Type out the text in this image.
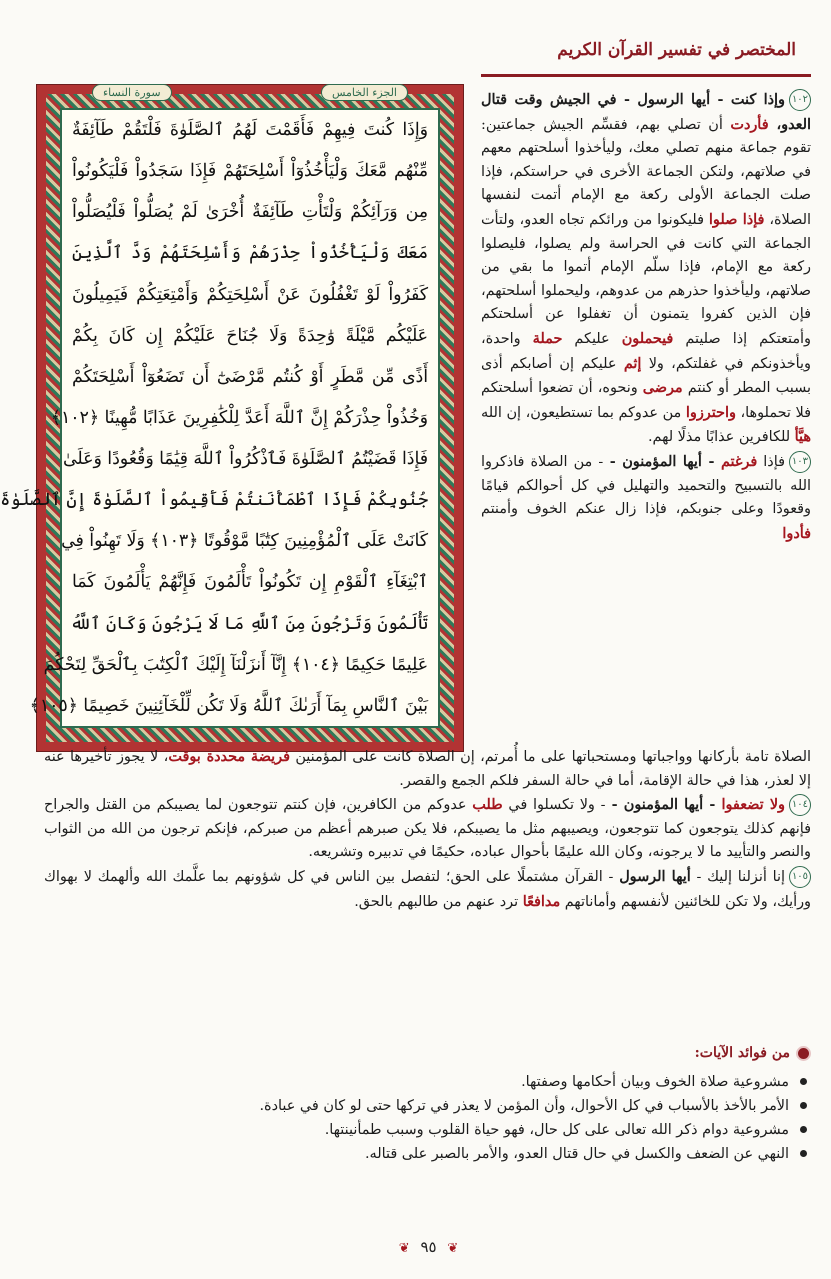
المختصر في تفسير القرآن الكريم
الجزء الخامس
سورة النساء
وَإِذَا كُنتَ فِيهِمْ فَأَقَمْتَ لَهُمُ ٱلصَّلَوٰةَ فَلْتَقُمْ طَآئِفَةٌ
مِّنْهُم مَّعَكَ وَلْيَأْخُذُوٓاْ أَسْلِحَتَهُمْ فَإِذَا سَجَدُواْ فَلْيَكُونُواْ
مِن وَرَآئِكُمْ وَلْتَأْتِ طَآئِفَةٌ أُخْرَىٰ لَمْ يُصَلُّواْ فَلْيُصَلُّواْ
مَعَكَ وَلْيَأْخُذُواْ حِذْرَهُمْ وَأَسْلِحَتَهُمْ وَدَّ ٱلَّذِينَ
كَفَرُواْ لَوْ تَغْفُلُونَ عَنْ أَسْلِحَتِكُمْ وَأَمْتِعَتِكُمْ فَيَمِيلُونَ
عَلَيْكُم مَّيْلَةً وَٰحِدَةً وَلَا جُنَاحَ عَلَيْكُمْ إِن كَانَ بِكُمْ
أَذًى مِّن مَّطَرٍ أَوْ كُنتُم مَّرْضَىٰٓ أَن تَضَعُوٓاْ أَسْلِحَتَكُمْ
وَخُذُواْ حِذْرَكُمْ إِنَّ ٱللَّهَ أَعَدَّ لِلْكَٰفِرِينَ عَذَابًا مُّهِينًا ﴿١٠٢﴾
فَإِذَا قَضَيْتُمُ ٱلصَّلَوٰةَ فَٱذْكُرُواْ ٱللَّهَ قِيَٰمًا وَقُعُودًا وَعَلَىٰ
جُنُوبِكُمْ فَإِذَا ٱطْمَأْنَنتُمْ فَأَقِيمُواْ ٱلصَّلَوٰةَ إِنَّ ٱلصَّلَوٰةَ
كَانَتْ عَلَى ٱلْمُؤْمِنِينَ كِتَٰبًا مَّوْقُوتًا ﴿١٠٣﴾ وَلَا تَهِنُواْ فِي
ٱبْتِغَآءِ ٱلْقَوْمِ إِن تَكُونُواْ تَأْلَمُونَ فَإِنَّهُمْ يَأْلَمُونَ كَمَا
تَأْلَمُونَ وَتَرْجُونَ مِنَ ٱللَّهِ مَا لَا يَرْجُونَ وَكَانَ ٱللَّهُ
عَلِيمًا حَكِيمًا ﴿١٠٤﴾ إِنَّآ أَنزَلْنَآ إِلَيْكَ ٱلْكِتَٰبَ بِٱلْحَقِّ لِتَحْكُمَ
بَيْنَ ٱلنَّاسِ بِمَآ أَرَىٰكَ ٱللَّهُ وَلَا تَكُن لِّلْخَآئِنِينَ خَصِيمًا ﴿١٠٥﴾

١٠٢وإذا كنت - أيها الرسول - في الجيش وقت قتال العدو، فأردت أن تصلي بهم، فقسِّم الجيش جماعتين: تقوم جماعة منهم تصلي معك، وليأخذوا أسلحتهم معهم في صلاتهم، ولتكن الجماعة الأخرى في حراستكم، فإذا صلت الجماعة الأولى ركعة مع الإمام أتمت لنفسها الصلاة، فإذا صلوا فليكونوا من ورائكم تجاه العدو، ولتأت الجماعة التي كانت في الحراسة ولم يصلوا، فليصلوا ركعة مع الإمام، فإذا سلّم الإمام أتموا ما بقي من صلاتهم، وليأخذوا حذرهم من عدوهم، وليحملوا أسلحتهم، فإن الذين كفروا يتمنون أن تغفلوا عن أسلحتكم وأمتعتكم إذا صليتم فيحملون عليكم حملة واحدة، ويأخذونكم في غفلتكم، ولا إثم عليكم إن أصابكم أذى بسبب المطر أو كنتم مرضى ونحوه، أن تضعوا أسلحتكم فلا تحملوها، واحترزوا من عدوكم بما تستطيعون، إن الله هيَّأ للكافرين عذابًا مذلًا لهم.

١٠٣فإذا فرغتم - أيها المؤمنون - - من الصلاة فاذكروا الله بالتسبيح والتحميد والتهليل في كل أحوالكم قيامًا وقعودًا وعلى جنوبكم، فإذا زال عنكم الخوف وأمنتم فأدوا

الصلاة تامة بأركانها وواجباتها ومستحباتها على ما أُمرتم، إن الصلاة كانت على المؤمنين فريضة محددة بوقت، لا يجوز تأخيرها عنه إلا لعذر، هذا في حالة الإقامة، أما في حالة السفر فلكم الجمع والقصر.

١٠٤ولا تضعفوا - أيها المؤمنون - - ولا تكسلوا في طلب عدوكم من الكافرين، فإن كنتم تتوجعون لما يصيبكم من القتل والجراح فإنهم كذلك يتوجعون كما تتوجعون، ويصيبهم مثل ما يصيبكم، فلا يكن صبرهم أعظم من صبركم، فإنكم ترجون من الله من الثواب والنصر والتأييد ما لا يرجونه، وكان الله عليمًا بأحوال عباده، حكيمًا في تدبيره وتشريعه.

١٠٥إنا أنزلنا إليك - أيها الرسول - القرآن مشتملًا على الحق؛ لتفصل بين الناس في كل شؤونهم بما علَّمك الله وألهمك لا بهواك ورأيك، ولا تكن للخائنين لأنفسهم وأماناتهم مدافعًا ترد عنهم من طالبهم بالحق.

من فوائد الآيات:
مشروعية صلاة الخوف وبيان أحكامها وصفتها.
الأمر بالأخذ بالأسباب في كل الأحوال، وأن المؤمن لا يعذر في تركها حتى لو كان في عبادة.
مشروعية دوام ذكر الله تعالى على كل حال، فهو حياة القلوب وسبب طمأنينتها.
النهي عن الضعف والكسل في حال قتال العدو، والأمر بالصبر على قتاله.
❦ ٩٥ ❦
